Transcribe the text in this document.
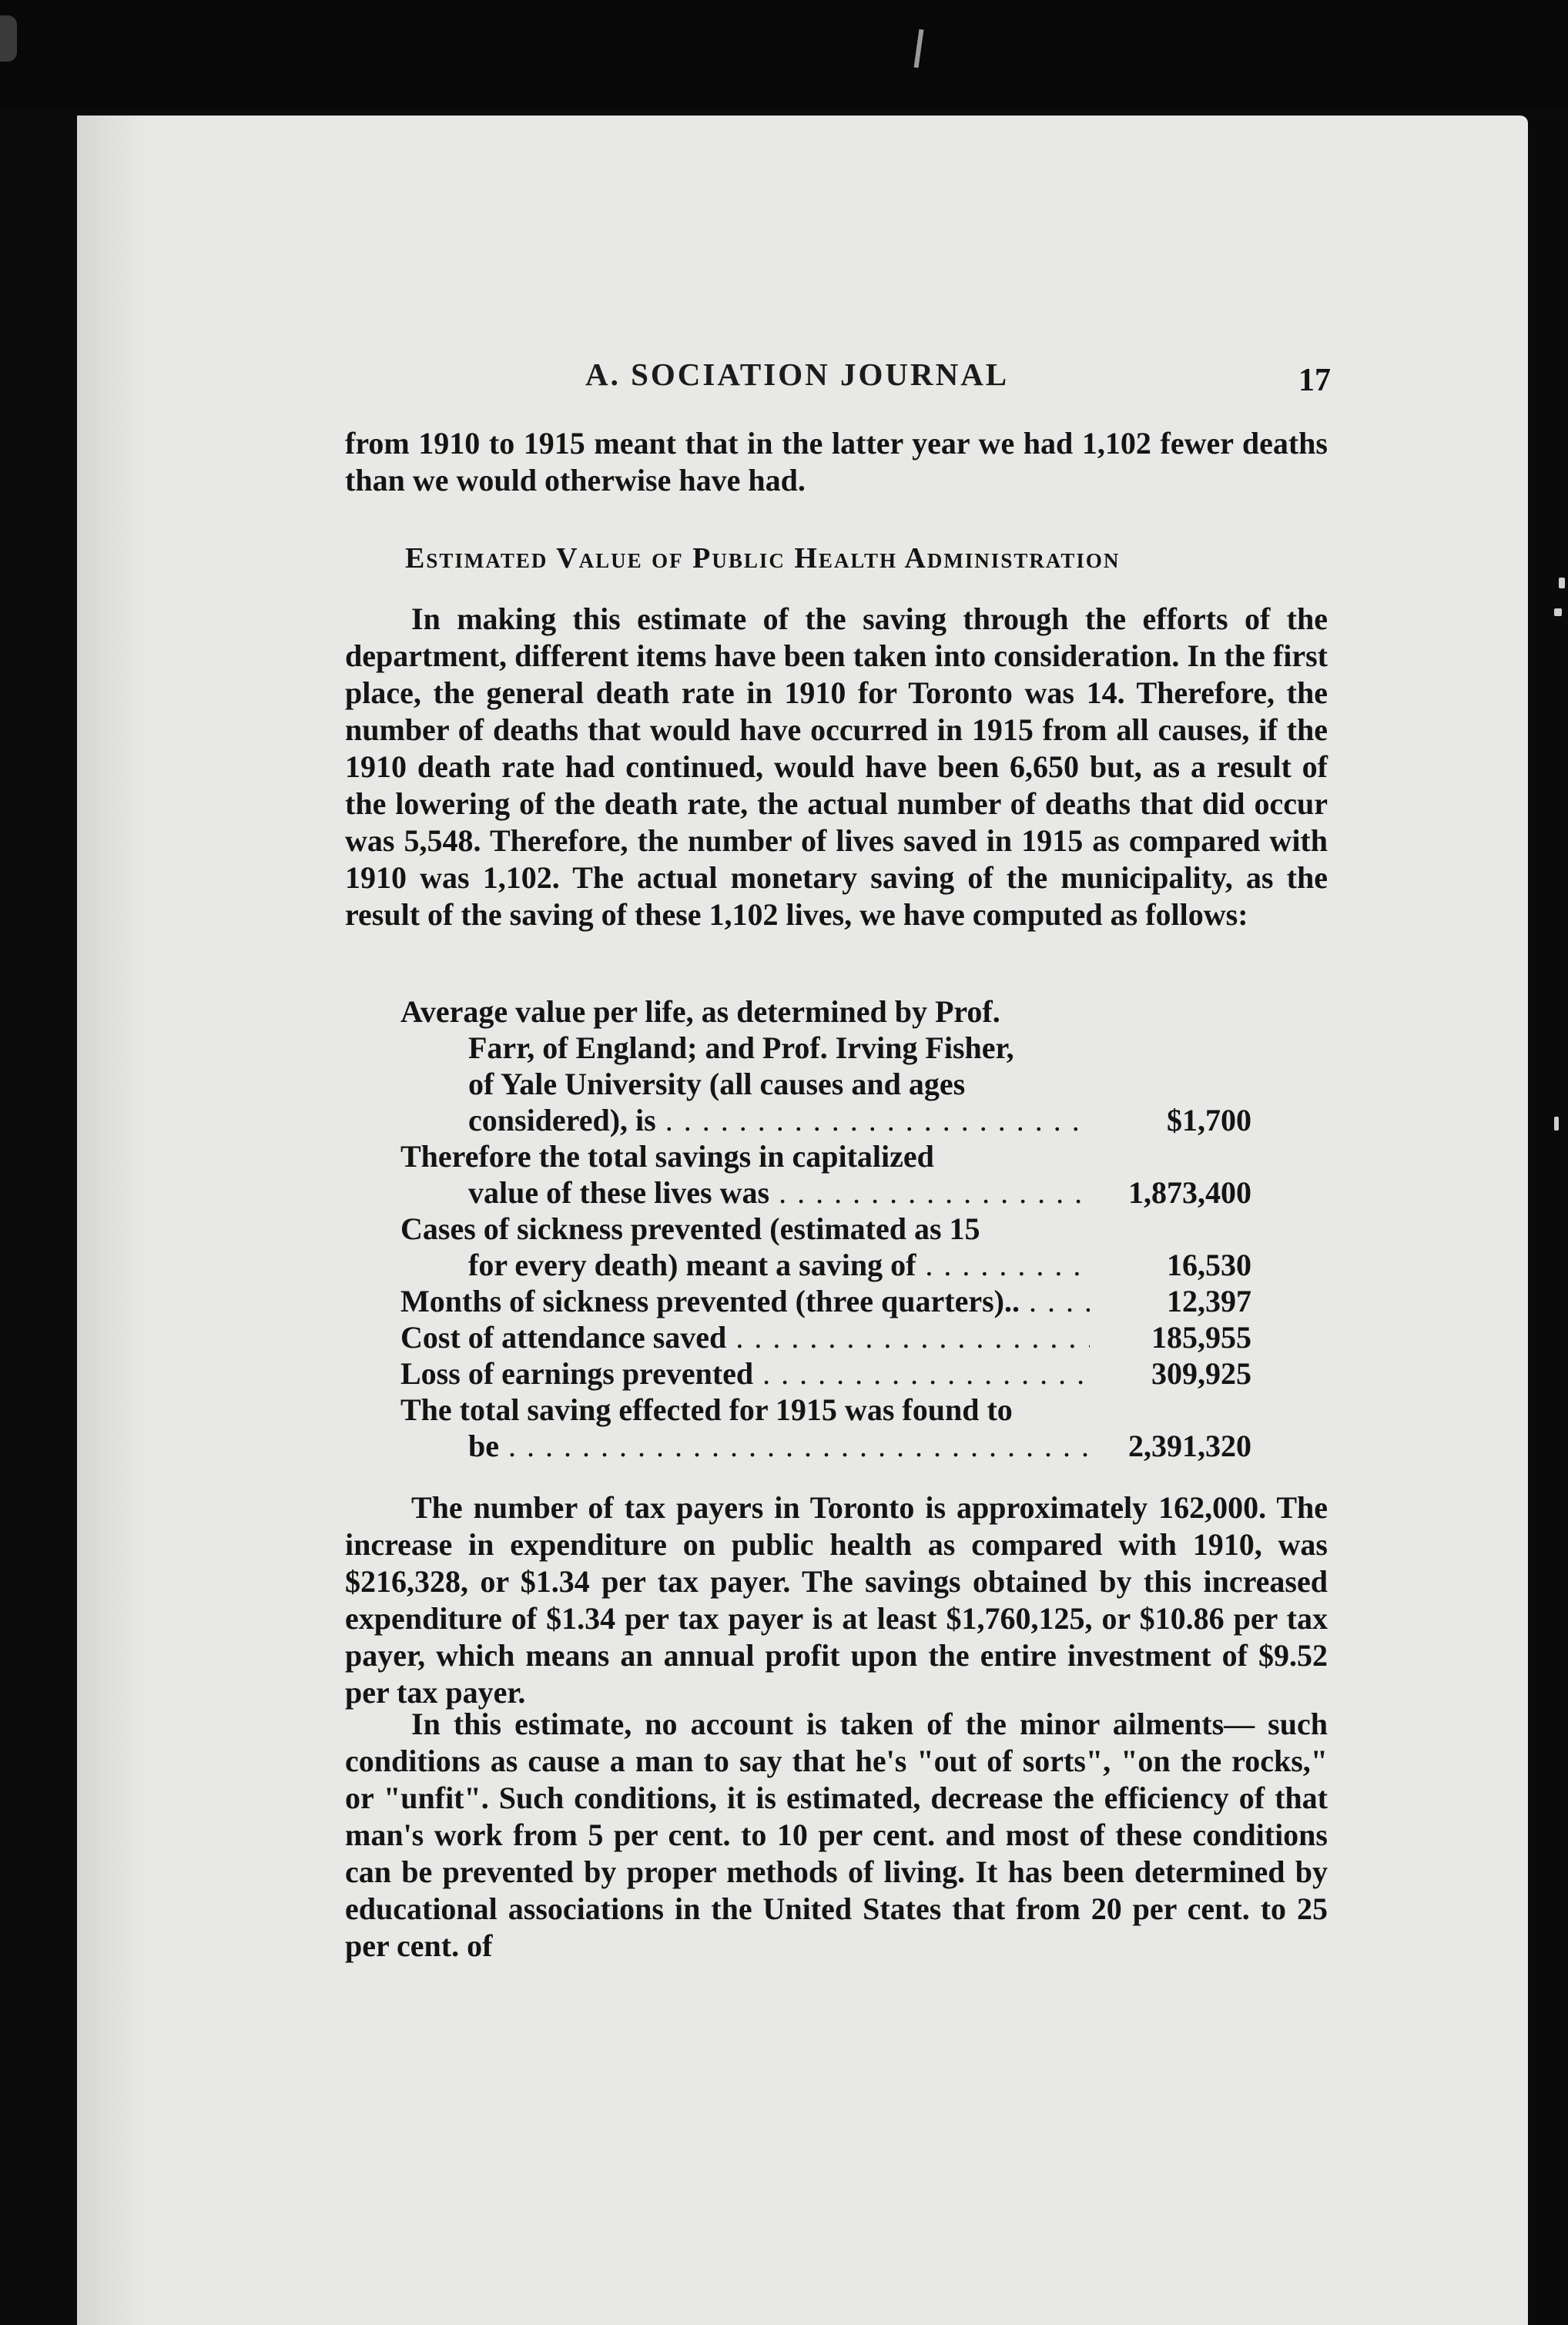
A. SOCIATION JOURNAL	17
from 1910 to 1915 meant that in the latter year we had 1,102 fewer deaths than we would otherwise have had.
Estimated Value of Public Health Administration
In making this estimate of the saving through the efforts of the department, different items have been taken into consideration. In the first place, the general death rate in 1910 for Toronto was 14. Therefore, the number of deaths that would have occurred in 1915 from all causes, if the 1910 death rate had continued, would have been 6,650 but, as a result of the lowering of the death rate, the actual number of deaths that did occur was 5,548. Therefore, the number of lives saved in 1915 as compared with 1910 was 1,102. The actual monetary saving of the municipality, as the result of the saving of these 1,102 lives, we have computed as follows:
Average value per life, as determined by Prof.
Farr, of England; and Prof. Irving Fisher,
of Yale University (all causes and ages
considered), is . . .	$1,700
Therefore the total savings in capitalized
value of these lives was . . .	1,873,400
Cases of sickness prevented (estimated as 15
for every death) meant a saving of . . .	16,530
Months of sickness prevented (three quarters).. . . .	12,397
Cost of attendance saved . . .	185,955
Loss of earnings prevented . . .	309,925
The total saving effected for 1915 was found to
be . . .	2,391,320
The number of tax payers in Toronto is approximately 162,000. The increase in expenditure on public health as compared with 1910, was $216,328, or $1.34 per tax payer. The savings obtained by this increased expenditure of $1.34 per tax payer is at least $1,760,125, or $10.86 per tax payer, which means an annual profit upon the entire investment of $9.52 per tax payer.
In this estimate, no account is taken of the minor ailments— such conditions as cause a man to say that he's "out of sorts", "on the rocks," or "unfit". Such conditions, it is estimated, decrease the efficiency of that man's work from 5 per cent. to 10 per cent. and most of these conditions can be prevented by proper methods of living. It has been determined by educational associations in the United States that from 20 per cent. to 25 per cent. of
